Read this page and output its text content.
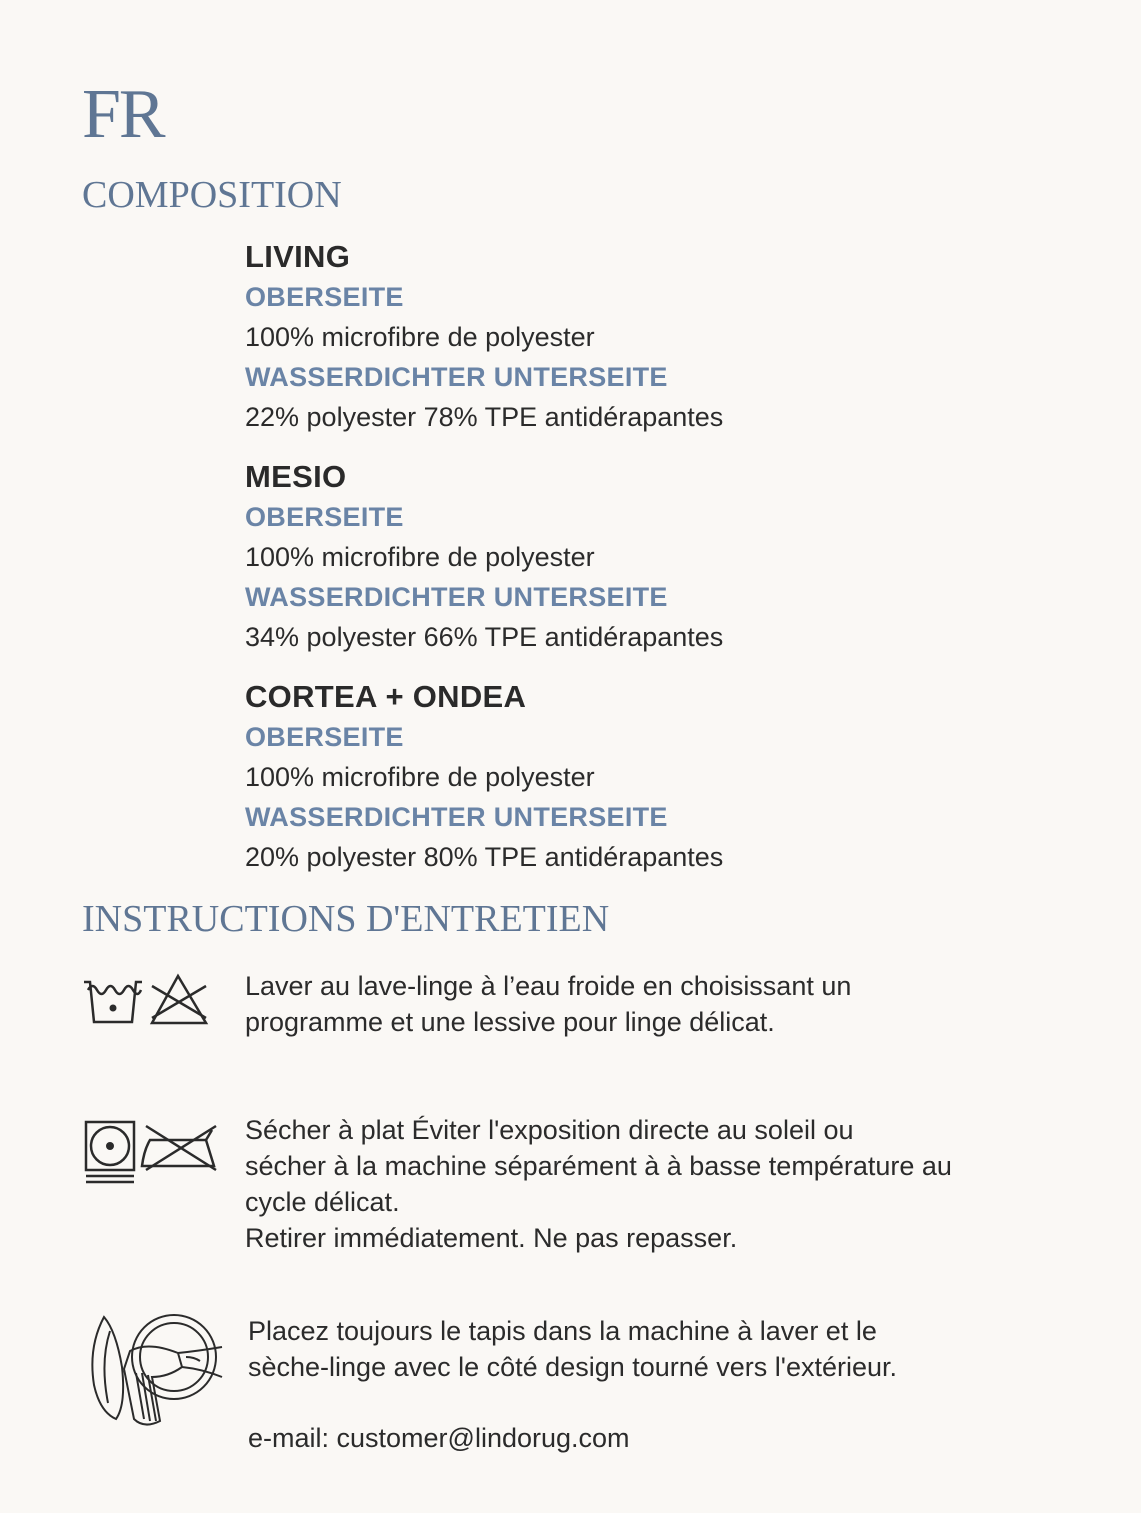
FR
COMPOSITION
LIVING
OBERSEITE
100% microfibre de polyester
WASSERDICHTER UNTERSEITE
22% polyester 78% TPE antidérapantes
MESIO
OBERSEITE
100% microfibre de polyester
WASSERDICHTER UNTERSEITE
34% polyester 66% TPE antidérapantes
CORTEA + ONDEA
OBERSEITE
100% microfibre de polyester
WASSERDICHTER UNTERSEITE
20% polyester 80% TPE antidérapantes
INSTRUCTIONS D'ENTRETIEN
Laver au lave-linge à l’eau froide en choisissant un
programme et une lessive pour linge délicat.
Sécher à plat Éviter l'exposition directe au soleil ou
sécher à la machine séparément à à basse température au
cycle délicat.
Retirer immédiatement. Ne pas repasser.
Placez toujours le tapis dans la machine à laver et le
sèche-linge avec le côté design tourné vers l'extérieur.
e-mail: customer@lindorug.com
